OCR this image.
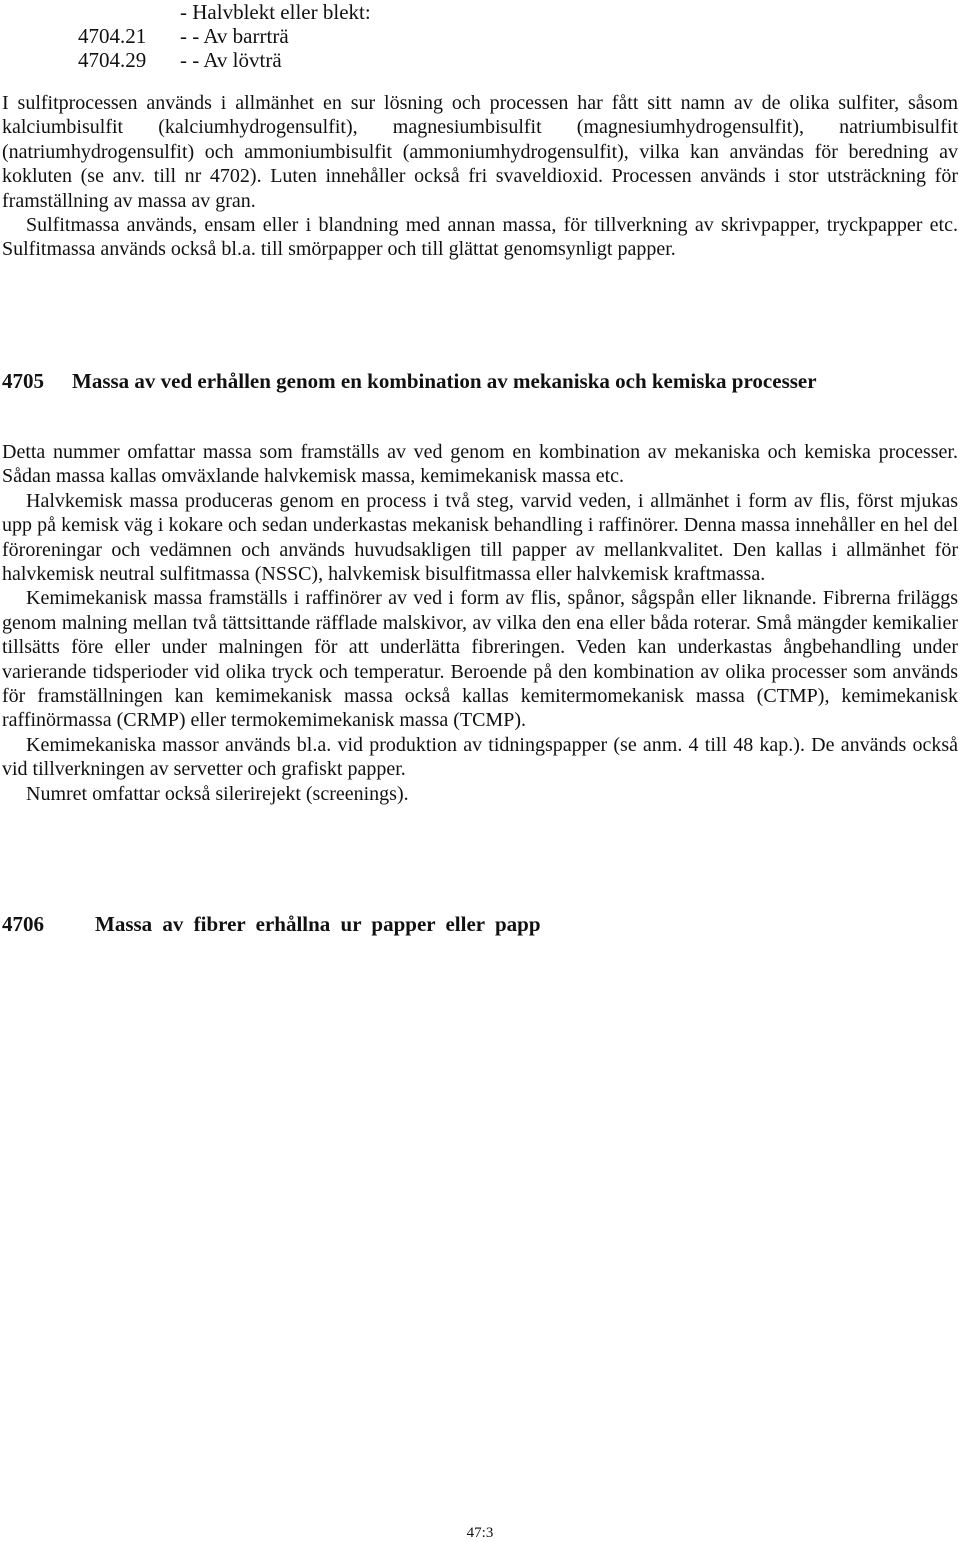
- Halvblekt eller blekt:
4704.21 - - Av barrträ
4704.29 - - Av lövträ

I sulfitprocessen används i allmänhet en sur lösning och processen har fått sitt namn av de olika sulfiter, såsom kalciumbisulfit (kalciumhydrogensulfit), magnesiumbisulfit (magnesiumhydrogensulfit), natriumbisulfit (natriumhydrogensulfit) och ammoniumbisulfit (ammoniumhydrogensulfit), vilka kan användas för beredning av kokluten (se anv. till nr 4702). Luten innehåller också fri svaveldioxid. Processen används i stor utsträckning för framställning av massa av gran.

Sulfitmassa används, ensam eller i blandning med annan massa, för tillverkning av skrivpapper, tryckpapper etc. Sulfitmassa används också bl.a. till smörpapper och till glättat genomsynligt papper.

4705 Massa av ved erhållen genom en kombination av mekaniska och kemiska processer

Detta nummer omfattar massa som framställs av ved genom en kombination av mekaniska och kemiska processer. Sådan massa kallas omväxlande halvkemisk massa, kemimekanisk massa etc.

Halvkemisk massa produceras genom en process i två steg, varvid veden, i allmänhet i form av flis, först mjukas upp på kemisk väg i kokare och sedan underkastas mekanisk behandling i raffinörer. Denna massa innehåller en hel del föroreningar och vedämnen och används huvudsakligen till papper av mellankvalitet. Den kallas i allmänhet för halvkemisk neutral sulfitmassa (NSSC), halvkemisk bisulfitmassa eller halvkemisk kraftmassa.

Kemimekanisk massa framställs i raffinörer av ved i form av flis, spånor, sågspån eller liknande. Fibrerna friläggs genom malning mellan två tättsittande räfflade malskivor, av vilka den ena eller båda roterar. Små mängder kemikalier tillsätts före eller under malningen för att underlätta fibreringen. Veden kan underkastas ångbehandling under varierande tidsperioder vid olika tryck och temperatur. Beroende på den kombination av olika processer som används för framställningen kan kemimekanisk massa också kallas kemitermomekanisk massa (CTMP), kemimekanisk raffinörmassa (CRMP) eller termokemimekanisk massa (TCMP).

Kemimekaniska massor används bl.a. vid produktion av tidningspapper (se anm. 4 till 48 kap.). De används också vid tillverkningen av servetter och grafiskt papper.

Numret omfattar också silerirejekt (screenings).

4706 Massa av fibrer erhållna ur papper eller papp
47:3
